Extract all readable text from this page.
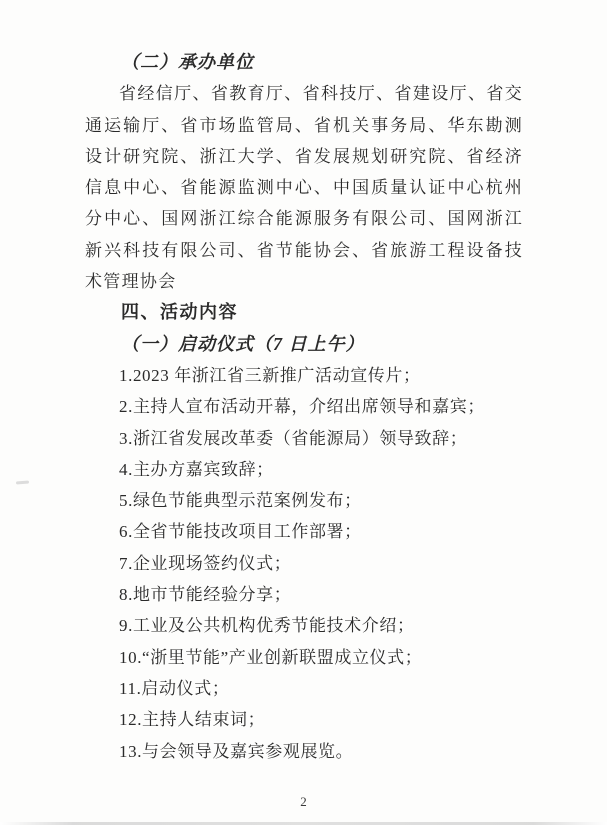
（二）承办单位
省经信厅、省教育厅、省科技厅、省建设厅、省交通运输厅、省市场监管局、省机关事务局、华东勘测设计研究院、浙江大学、省发展规划研究院、省经济信息中心、省能源监测中心、中国质量认证中心杭州分中心、国网浙江综合能源服务有限公司、国网浙江新兴科技有限公司、省节能协会、省旅游工程设备技术管理协会
四、活动内容
（一）启动仪式（7 日上午）
1.2023 年浙江省三新推广活动宣传片；
2.主持人宣布活动开幕，介绍出席领导和嘉宾；
3.浙江省发展改革委（省能源局）领导致辞；
4.主办方嘉宾致辞；
5.绿色节能典型示范案例发布；
6.全省节能技改项目工作部署；
7.企业现场签约仪式；
8.地市节能经验分享；
9.工业及公共机构优秀节能技术介绍；
10.“浙里节能”产业创新联盟成立仪式；
11.启动仪式；
12.主持人结束词；
13.与会领导及嘉宾参观展览。
2
